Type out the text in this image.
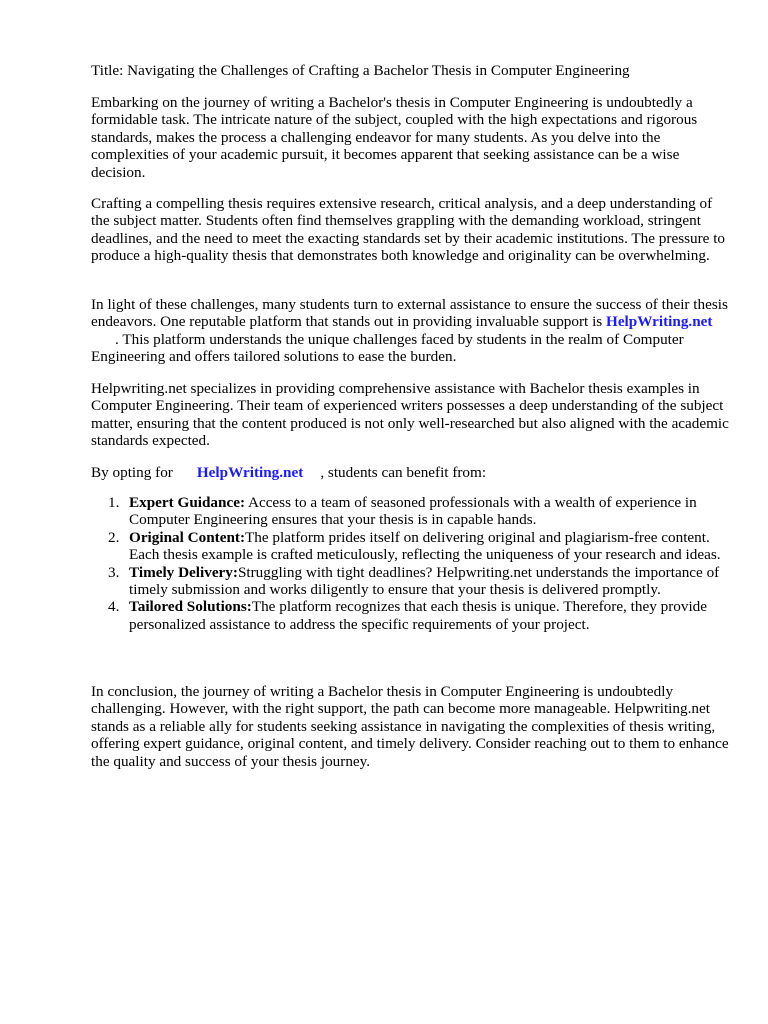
Title: Navigating the Challenges of Crafting a Bachelor Thesis in Computer Engineering

Embarking on the journey of writing a Bachelor's thesis in Computer Engineering is undoubtedly a formidable task. The intricate nature of the subject, coupled with the high expectations and rigorous standards, makes the process a challenging endeavor for many students. As you delve into the complexities of your academic pursuit, it becomes apparent that seeking assistance can be a wise decision.

Crafting a compelling thesis requires extensive research, critical analysis, and a deep understanding of the subject matter. Students often find themselves grappling with the demanding workload, stringent deadlines, and the need to meet the exacting standards set by their academic institutions. The pressure to produce a high-quality thesis that demonstrates both knowledge and originality can be overwhelming.

In light of these challenges, many students turn to external assistance to ensure the success of their thesis endeavors. One reputable platform that stands out in providing invaluable support is HelpWriting.net. This platform understands the unique challenges faced by students in the realm of Computer Engineering and offers tailored solutions to ease the burden.

Helpwriting.net specializes in providing comprehensive assistance with Bachelor thesis examples in Computer Engineering. Their team of experienced writers possesses a deep understanding of the subject matter, ensuring that the content produced is not only well-researched but also aligned with the academic standards expected.

By opting for HelpWriting.net , students can benefit from:

1. Expert Guidance: Access to a team of seasoned professionals with a wealth of experience in Computer Engineering ensures that your thesis is in capable hands.
2. Original Content:The platform prides itself on delivering original and plagiarism-free content. Each thesis example is crafted meticulously, reflecting the uniqueness of your research and ideas.
3. Timely Delivery:Struggling with tight deadlines? Helpwriting.net understands the importance of timely submission and works diligently to ensure that your thesis is delivered promptly.
4. Tailored Solutions:The platform recognizes that each thesis is unique. Therefore, they provide personalized assistance to address the specific requirements of your project.

In conclusion, the journey of writing a Bachelor thesis in Computer Engineering is undoubtedly challenging. However, with the right support, the path can become more manageable. Helpwriting.net stands as a reliable ally for students seeking assistance in navigating the complexities of thesis writing, offering expert guidance, original content, and timely delivery. Consider reaching out to them to enhance the quality and success of your thesis journey.
